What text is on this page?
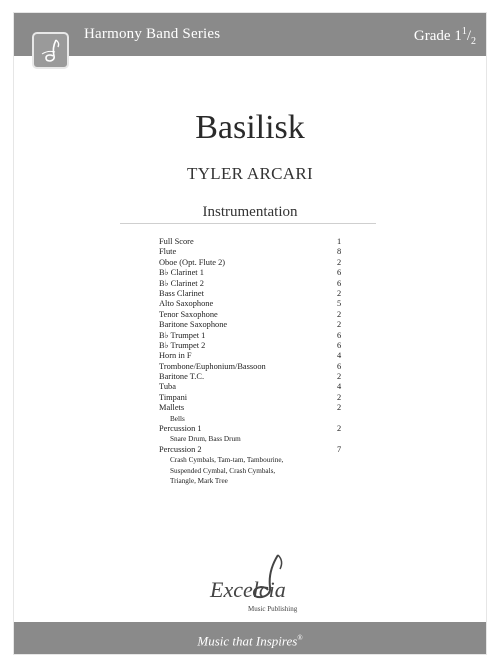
Harmony Band Series	Grade $1^1/_2$
Basilisk
TYLER ARCARI
Instrumentation
Full Score	1
Flute	8
Oboe (Opt. Flute 2)	2
B♭ Clarinet 1	6
B♭ Clarinet 2	6
Bass Clarinet	2
Alto Saxophone	5
Tenor Saxophone	2
Baritone Saxophone	2
B♭ Trumpet 1	6
B♭ Trumpet 2	6
Horn in F	4
Trombone/Euphonium/Bassoon	6
Baritone T.C.	2
Tuba	4
Timpani	2
Mallets	2
Bells
Percussion 1	2
Snare Drum, Bass Drum
Percussion 2	7
Crash Cymbals, Tam-tam, Tambourine,
Suspended Cymbal, Crash Cymbals,
Triangle, Mark Tree
Excelcia
Music Publishing
Music that Inspires®
